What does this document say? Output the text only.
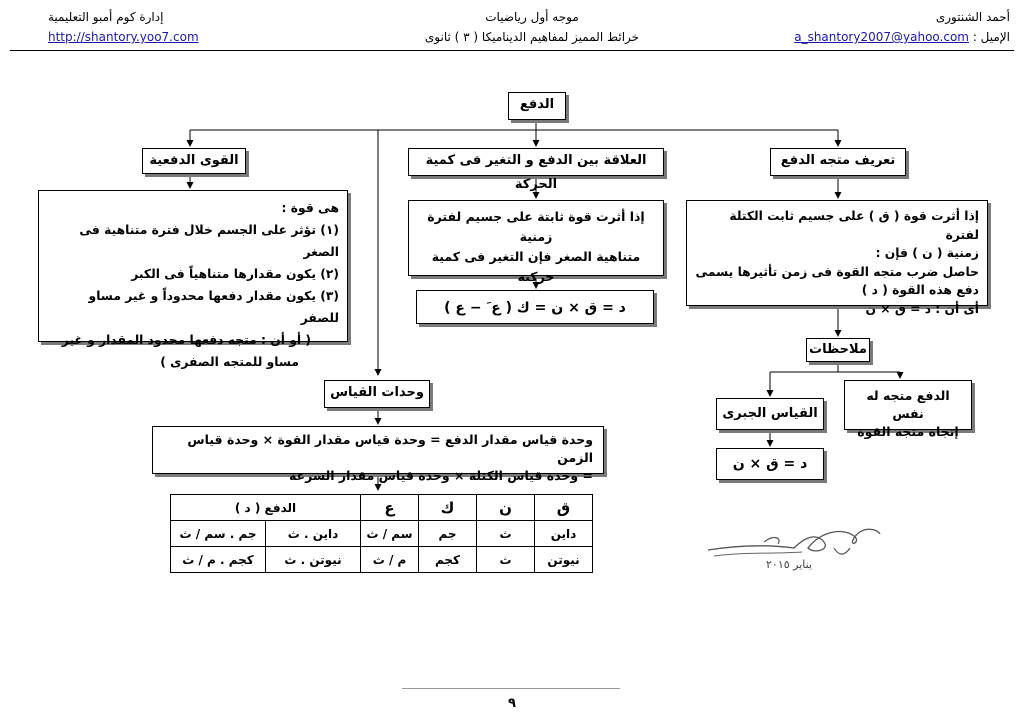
أحمد الشنتورى
الإميل : a_shantory2007@yahoo.com
موجه أول رياضيات
خرائط المميز لمفاهيم الديناميكا ( ٣ ) ثانوى
إدارة كوم أمبو التعليمية
http://shantory.yoo7.com
الدفع
تعريف متجه الدفع
العلاقة بين الدفع و التغير فى كمية الحركة
القوى الدفعية
إذا أثرت قوة ( ق ) على جسيم ثابت الكتلة لفترة
زمنية ( ن ) فإن :
حاصل ضرب متجه القوة فى زمن تأثيرها يسمى
دفع هذه القوة ( د )
أى أن : د = ق × ن
إذا أثرت قوة ثابتة على جسيم لفترة زمنية
متناهية الصغر فإن التغير فى كمية حركته
د = ق × ن = ك ( ع َ − ع )
هى قوة :
(١) تؤثر على الجسم خلال فترة متناهية فى الصغر
(٢) يكون مقدارها متناهياً فى الكبر
(٣) يكون مقدار دفعها محدوداً و غير مساو للصفر
( أو أن : متجه دفعها محدود المقدار و غير
مساو للمتجه الصفرى )
ملاحظات
الدفع متجه له نفس
إتجاه متجه القوة
القياس الجبرى
د = ق × ن
وحدات القياس
وحدة قياس مقدار الدفع = وحدة قياس مقدار القوة × وحدة قياس الزمن
= وحدة قياس الكتلة × وحدة قياس مقدار السرعة
ق	ن	ك	ع	الدفع ( د )	
داين	ث	جم	سم / ث	داين . ث	جم . سم / ث
نيوتن	ث	كجم	م / ث	نيوتن . ث	كجم . م / ث	يناير ٢٠١٥
٩
